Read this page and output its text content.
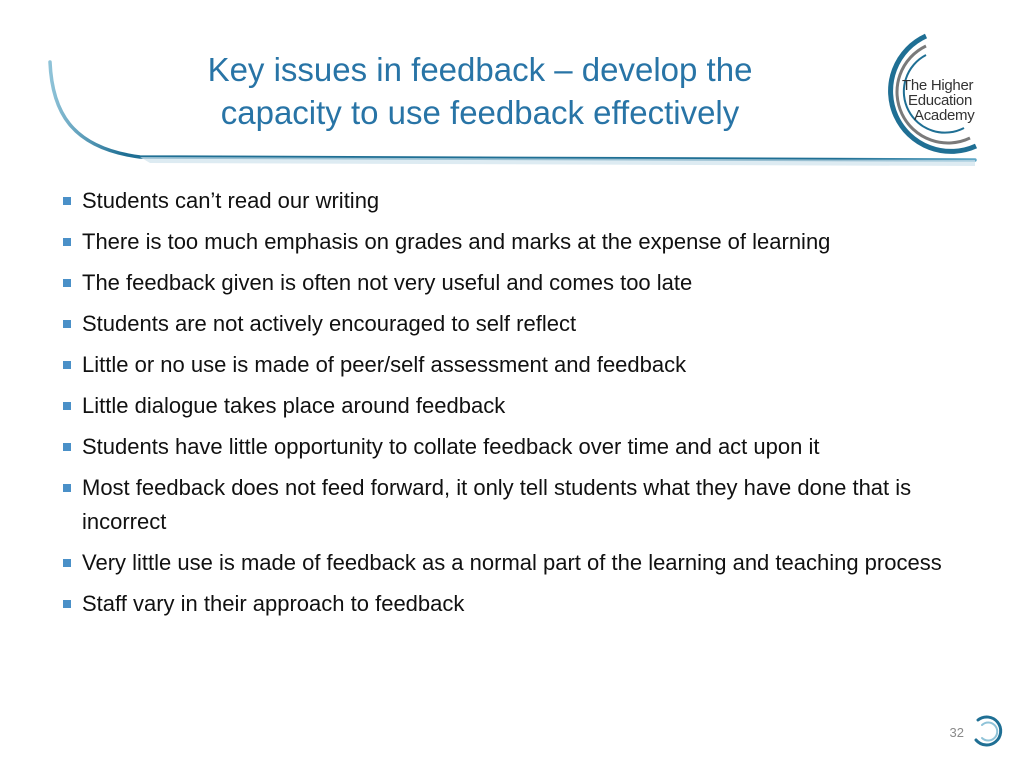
Key issues in feedback – develop the
capacity to use feedback effectively
The Higher
Education
Academy
Students can’t read our writing
There is too much emphasis on grades and marks at the expense of learning
The feedback given is often not very useful and comes too late
Students are not actively encouraged to self reflect
Little or no use is made of peer/self assessment and feedback
Little dialogue takes place around feedback
Students have little opportunity to collate feedback over time and act upon it
Most feedback does not feed forward, it only tell students what they have done that is incorrect
Very little use is made of feedback as a normal part of the learning and teaching process
Staff vary in their approach to feedback
32
